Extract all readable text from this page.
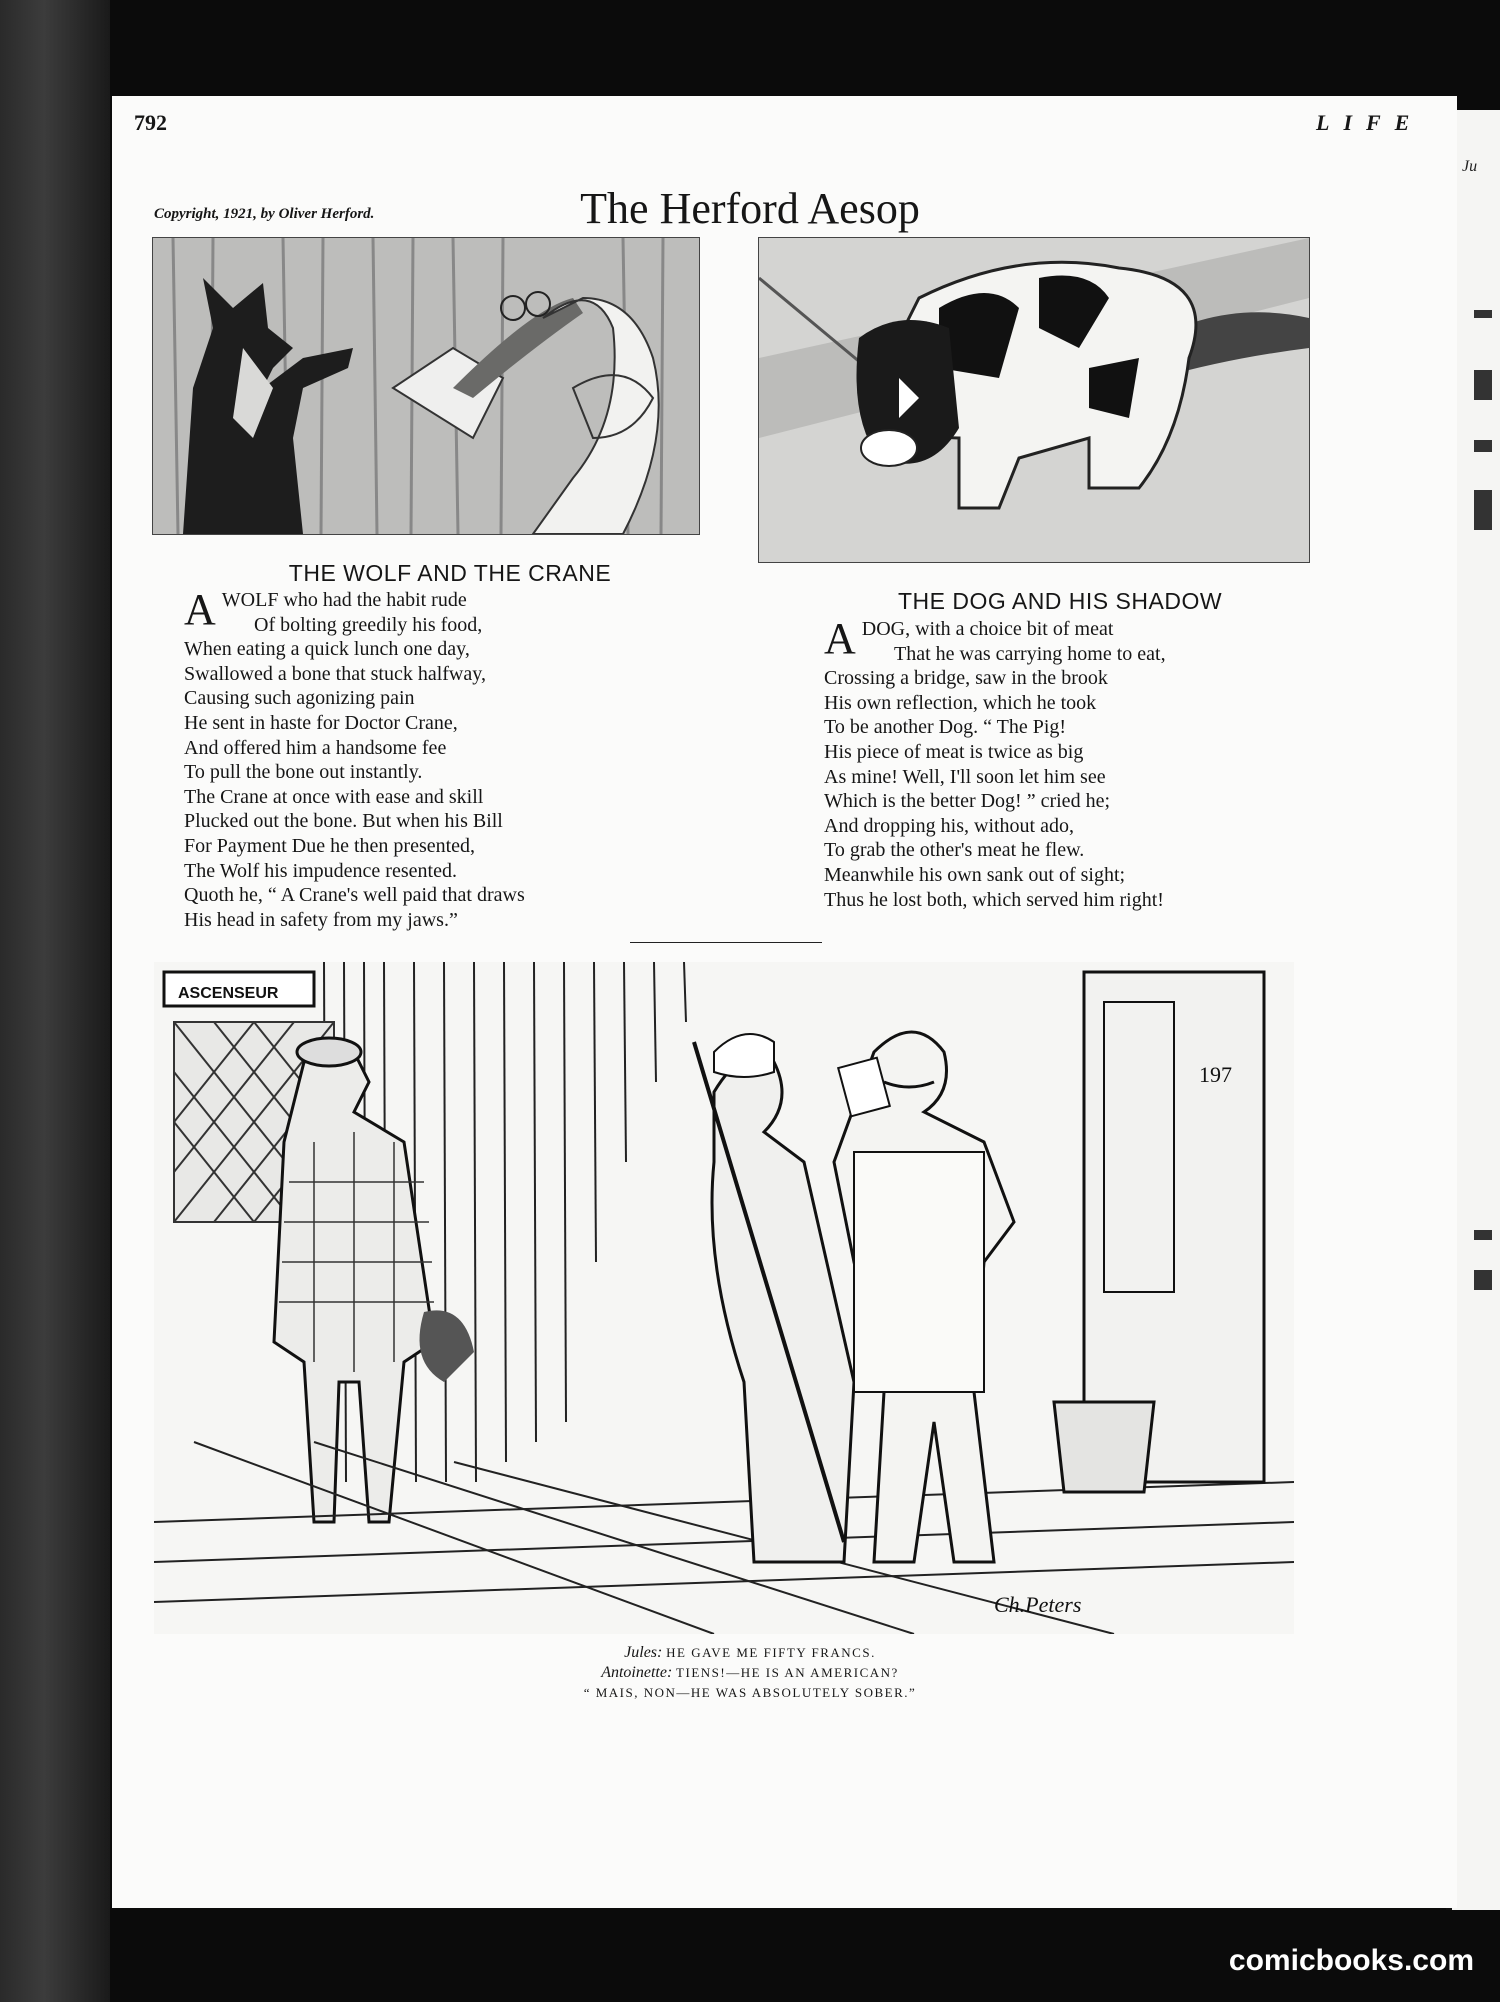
Ju
792	LIFE
The Herford Aesop
Copyright, 1921, by Oliver Herford.
THE WOLF AND THE CRANE
AWOLF who had the habit rude
Of bolting greedily his food,
When eating a quick lunch one day,
Swallowed a bone that stuck halfway,
Causing such agonizing pain
He sent in haste for Doctor Crane,
And offered him a handsome fee
To pull the bone out instantly.
The Crane at once with ease and skill
Plucked out the bone. But when his Bill
For Payment Due he then presented,
The Wolf his impudence resented.
Quoth he, “ A Crane's well paid that draws
His head in safety from my jaws.”
THE DOG AND HIS SHADOW
ADOG, with a choice bit of meat
That he was carrying home to eat,
Crossing a bridge, saw in the brook
His own reflection, which he took
To be another Dog. “ The Pig!
His piece of meat is twice as big
As mine! Well, I'll soon let him see
Which is the better Dog! ” cried he;
And dropping his, without ado,
To grab the other's meat he flew.
Meanwhile his own sank out of sight;
Thus he lost both, which served him right!
ASCENSEUR
197
Ch.Peters
Jules: HE GAVE ME FIFTY FRANCS.
Antoinette: TIENS!—HE IS AN AMERICAN?
“ MAIS, NON—HE WAS ABSOLUTELY SOBER.”
comicbooks.com
